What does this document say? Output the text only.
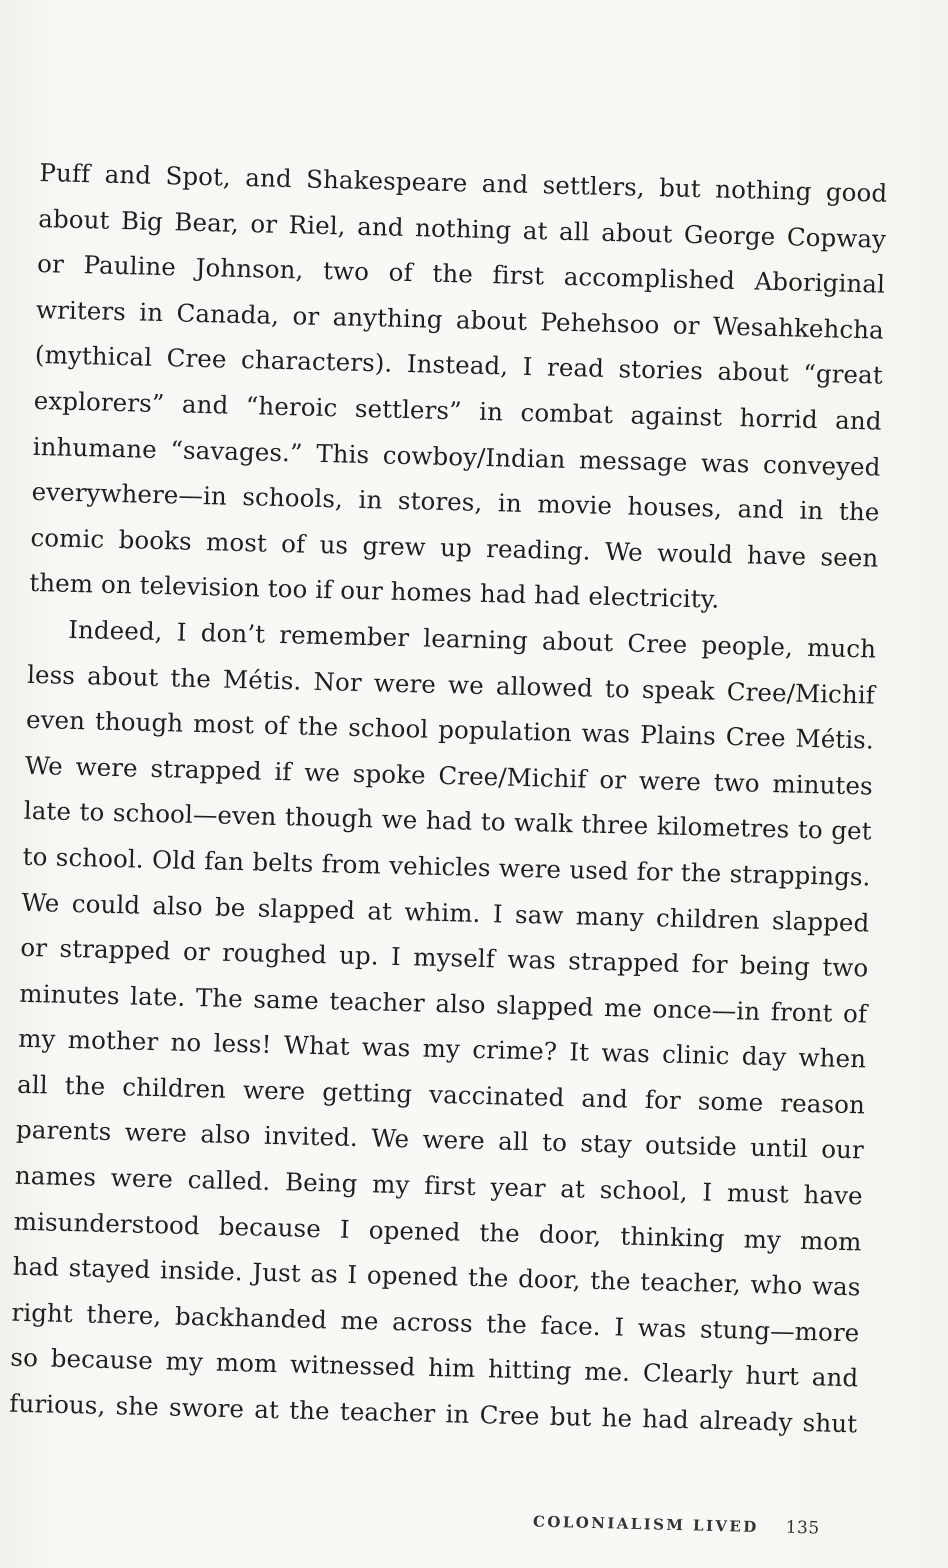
Puff and Spot, and Shakespeare and settlers, but nothing good
about Big Bear, or Riel, and nothing at all about George Copway
or Pauline Johnson, two of the first accomplished Aboriginal
writers in Canada, or anything about Pehehsoo or Wesahkehcha
(mythical Cree characters). Instead, I read stories about “great
explorers” and “heroic settlers” in combat against horrid and
inhumane “savages.” This cowboy/Indian message was conveyed
everywhere—in schools, in stores, in movie houses, and in the
comic books most of us grew up reading. We would have seen
them on television too if our homes had had electricity.
Indeed, I don’t remember learning about Cree people, much
less about the Métis. Nor were we allowed to speak Cree/Michif
even though most of the school population was Plains Cree Métis.
We were strapped if we spoke Cree/Michif or were two minutes
late to school—even though we had to walk three kilometres to get
to school. Old fan belts from vehicles were used for the strappings.
We could also be slapped at whim. I saw many children slapped
or strapped or roughed up. I myself was strapped for being two
minutes late. The same teacher also slapped me once—in front of
my mother no less! What was my crime? It was clinic day when
all the children were getting vaccinated and for some reason
parents were also invited. We were all to stay outside until our
names were called. Being my first year at school, I must have
misunderstood because I opened the door, thinking my mom
had stayed inside. Just as I opened the door, the teacher, who was
right there, backhanded me across the face. I was stung—more
so because my mom witnessed him hitting me. Clearly hurt and
furious, she swore at the teacher in Cree but he had already shut
COLONIALISM LIVED 135
